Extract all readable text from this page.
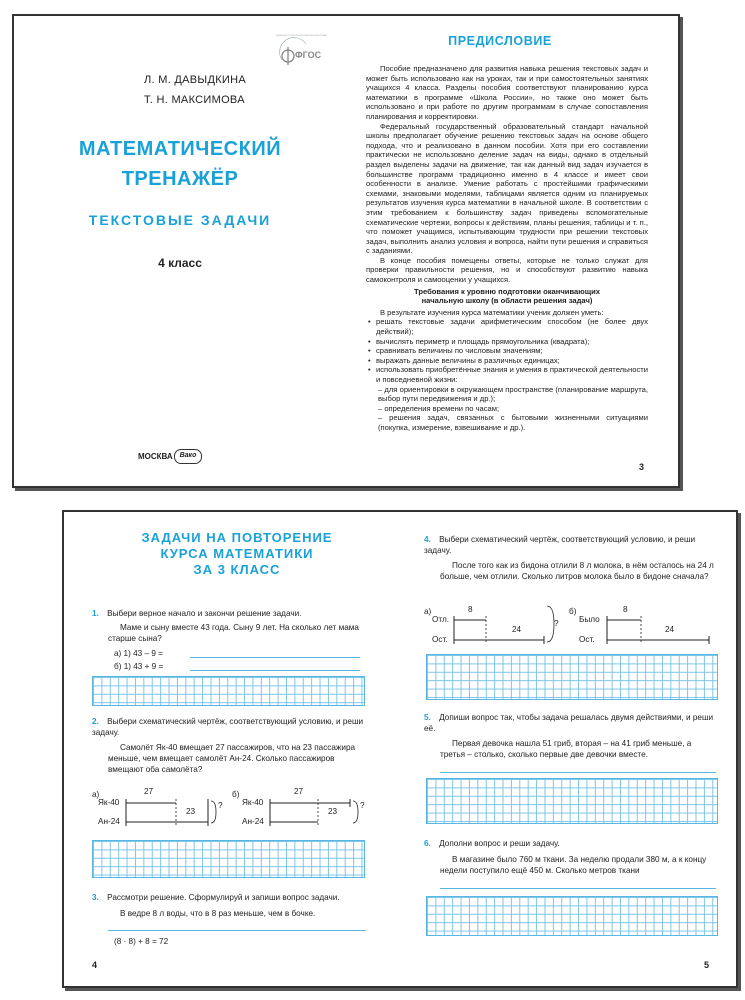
ФГОС
ФЕДЕРАЛЬНЫЙ ГОСУДАРСТВЕННЫЙ ОБРАЗОВАТЕЛЬНЫЙ СТАНДАРТ
Л. М. ДАВЫДКИНА
Т. Н. МАКСИМОВА
МАТЕМАТИЧЕСКИЙ
ТРЕНАЖЁР
ТЕКСТОВЫЕ ЗАДАЧИ
4 класс
МОСКВА Вако
ПРЕДИСЛОВИЕ
Пособие предназначено для развития навыка решения текстовых задач и может быть использовано как на уроках, так и при самостоятельных занятиях учащихся 4 класса. Разделы пособия соответствуют планированию курса математики в программе «Школа России», но также оно может быть использовано и при работе по другим программам в случае сопоставления планирования и корректировки.
Федеральный государственный образовательный стандарт начальной школы предполагает обучение решению текстовых задач на основе общего подхода, что и реализовано в данном пособии. Хотя при его составлении практически не использовано деление задач на виды, однако в отдельный раздел выделены задачи на движение, так как данный вид задач изучается в большинстве программ традиционно именно в 4 классе и имеет свои особенности в анализе. Умение работать с простейшими графическими схемами, знаковыми моделями, таблицами является одним из планируемых результатов изучения курса математики в начальной школе. В соответствии с этим требованием к большинству задач приведены вспомогательные схематические чертежи, вопросы к действиям, планы решения, таблицы и т. п., что поможет учащимся, испытывающим трудности при решении текстовых задач, выполнить анализ условия и вопроса, найти пути решения и справиться с заданиями.
В конце пособия помещены ответы, которые не только служат для проверки правильности решения, но и способствуют развитию навыка самоконтроля и самооценки у учащихся.
Требования к уровню подготовки оканчивающих начальную школу (в области решения задач)
В результате изучения курса математики ученик должен уметь:
• решать текстовые задачи арифметическим способом (не более двух действий);
• вычислять периметр и площадь прямоугольника (квадрата);
• сравнивать величины по числовым значениям;
• выражать данные величины в различных единицах;
• использовать приобретённые знания и умения в практической деятельности и повседневной жизни:
– для ориентировки в окружающем пространстве (планирование маршрута, выбор пути передвижения и др.);
– определения времени по часам;
– решения задач, связанных с бытовыми жизненными ситуациями (покупка, измерение, взвешивание и др.).
3
ЗАДАЧИ НА ПОВТОРЕНИЕ
КУРСА МАТЕМАТИКИ
ЗА 3 КЛАСС
1. Выбери верное начало и закончи решение задачи.
Маме и сыну вместе 43 года. Сыну 9 лет. На сколько лет мама старше сына?
а) 1) 43 – 9 =
б) 1) 43 + 9 =
2. Выбери схематический чертёж, соответствующий условию, и реши задачу.
Самолёт Як-40 вмещает 27 пассажиров, что на 23 пассажира меньше, чем вмещает самолёт Ан-24. Сколько пассажиров вмещают оба самолёта?
а)
Як-40
Ан-24
27
23
?
б)
Як-40
Ан-24
27
23
?
3. Рассмотри решение. Сформулируй и запиши вопрос задачи.
В ведре 8 л воды, что в 8 раз меньше, чем в бочке.
(8 · 8) + 8 = 72
4
4. Выбери схематический чертёж, соответствующий условию, и реши задачу.
После того как из бидона отлили 8 л молока, в нём осталось на 24 л больше, чем отлили. Сколько литров молока было в бидоне сначала?
а)
Отл.
Ост.
8
24
?
б)
Было
Ост.
8
24
5. Допиши вопрос так, чтобы задача решалась двумя действиями, и реши её.
Первая девочка нашла 51 гриб, вторая – на 41 гриб меньше, а третья – столько, сколько первые две девочки вместе.
6. Дополни вопрос и реши задачу.
В магазине было 760 м ткани. За неделю продали 380 м, а к концу недели поступило ещё 450 м. Сколько метров ткани
5
